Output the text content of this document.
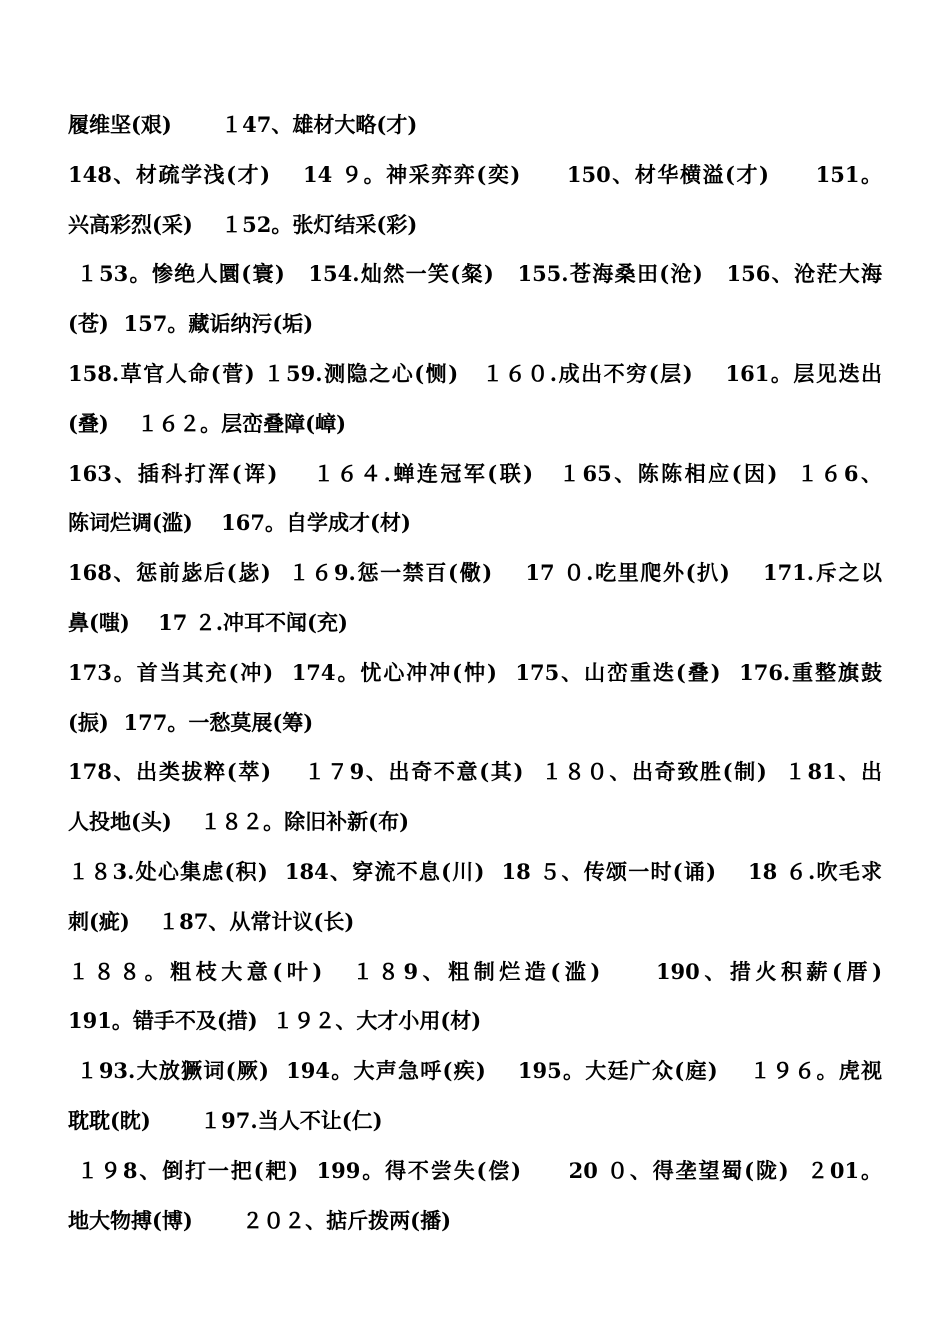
履维坚(艰)　　 １47、雄材大略(才)
148、材疏学浅(才)　 14 ９。神采弈弈(奕)　　150、材华横溢(才)　　151。
兴高彩烈(采)　 １52。张灯结采(彩)
１53。惨绝人圜(寰)　154.灿然一笑(粲)　155.苍海桑田(沧)　156、沧茫大海
(苍)  157。藏诟纳污(垢)
158.草官人命(菅) １59.测隐之心(恻)　１６０.成出不穷(层)　 161。层见迭出
(叠)　 １６２。层峦叠障(嶂)
163、插科打浑(诨)　 １６４.蝉连冠军(联)　１65、陈陈相应(因)  １６6、
陈词烂调(滥)　 167。自学成才(材)
168、惩前毖后(毖)  １６9.惩一禁百(儆)　 17 ０.吃里爬外(扒)　 171.斥之以
鼻(嗤)　 17 ２.冲耳不闻(充)
173。首当其充(冲)  174。忧心冲冲(忡)  175、山峦重迭(叠)  176.重整旗鼓
(振)  177。一愁莫展(筹)
178、出类拔粹(萃)　 １７9、出奇不意(其)  １８０、出奇致胜(制)  １81、出
人投地(头)　 １８２。除旧补新(布)
１８3.处心集虑(积)  184、穿流不息(川)  18 ５、传颂一时(诵)　 18 ６.吹毛求
刺(疵)　 １87、从常计议(长)
１８８。粗枝大意(叶)　１８9、粗制烂造(滥)　　190、措火积薪(厝)
191。错手不及(措)  １９２、大才小用(材)
１93.大放獗词(厥)  194。大声急呼(疾)　 195。大廷广众(庭)　 １９６。虎视
耽耽(眈)　　 １97.当人不让(仁)
１９8、倒打一把(耙)  199。得不尝失(偿)　　20 ０、得垄望蜀(陇)  ２01。
地大物搏(博)　　 ２０２、掂斤拨两(播)
